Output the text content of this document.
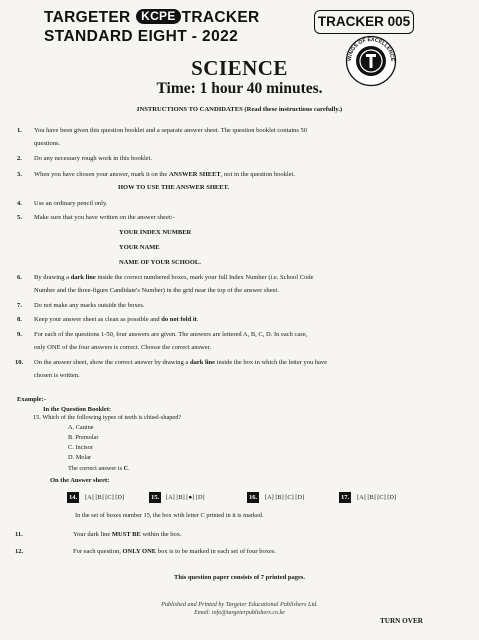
TARGETER KCPE TRACKER
STANDARD EIGHT - 2022
TRACKER 005
WINGS OF EXCELLENCE
SCIENCE
Time: 1 hour 40 minutes.
INSTRUCTIONS TO CANDIDATES (Read these instructions carefully.)
1. You have been given this question booklet and a separate answer sheet. The question booklet contains 50
questions.
2. Do any necessary rough work in this booklet.
3. When you have chosen your answer, mark it on the ANSWER SHEET, not in the question booklet.
HOW TO USE THE ANSWER SHEET.
4. Use an ordinary pencil only.
5. Make sure that you have written on the answer sheet:-
YOUR INDEX NUMBER
YOUR NAME
NAME OF YOUR SCHOOL.
6. By drawing a dark line inside the correct numbered boxes, mark your full Index Number (i.e. School Code
Number and the three-figure Candidate's Number) in the grid near the top of the answer sheet.
7. Do not make any marks outside the boxes.
8. Keep your answer sheet as clean as possible and do not fold it.
9. For each of the questions 1-50, four answers are given. The answers are lettered A, B, C, D. In each case,
only ONE of the four answers is correct. Choose the correct answer.
10. On the answer sheet, show the correct answer by drawing a dark line inside the box in which the letter you have
chosen is written.
Example:-
In the Question Booklet:
15. Which of the following types of teeth is chisel-shaped?
A. Canine
B. Premolar
C. Incisor
D. Molar
The correct answer is C.
On the Answer sheet:
14.	[A] [B] [C] [D]	15.	[A] [B] [●] [D]	16.	[A] [B] [C] [D]	17.	[A] [B] [C] [D]
In the set of boxes number 15, the box with letter C printed in it is marked.
11.	Your dark line MUST BE within the box.
12.	For each question, ONLY ONE box is to be marked in each set of four boxes.
This question paper consists of 7 printed pages.
Published and Printed by Targeter Educational Publishers Ltd.
Email: info@targeterpublishers.co.ke
TURN OVER
